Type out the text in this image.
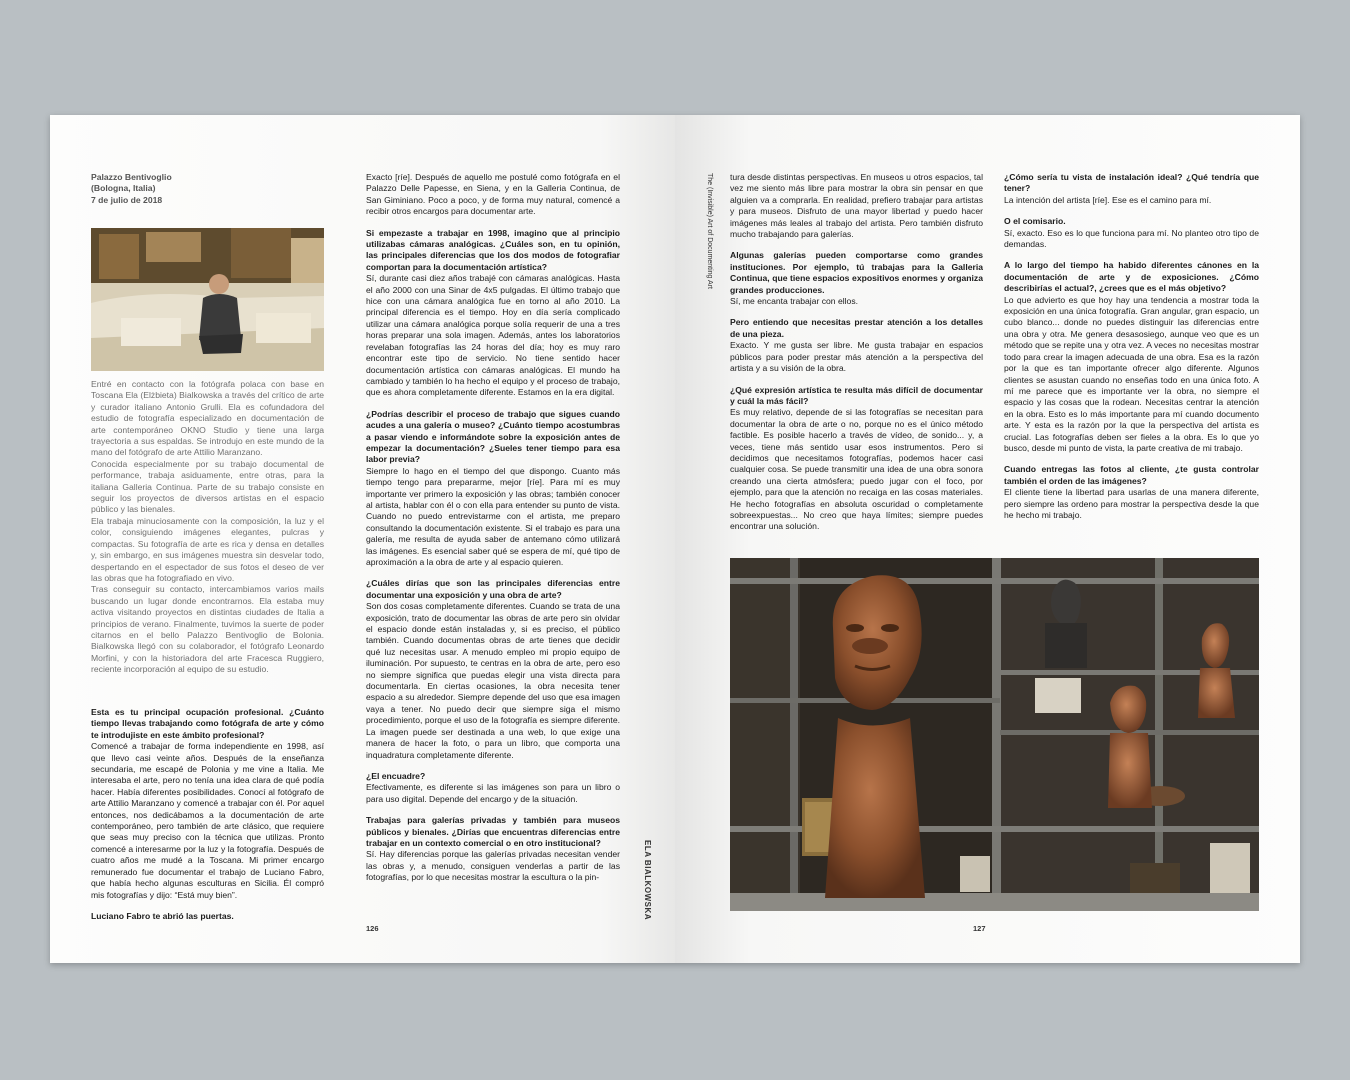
Palazzo Bentivoglio
(Bologna, Italia)
7 de julio de 2018

Entré en contacto con la fotógrafa polaca con base en Toscana Ela (Elżbieta) Bialkowska a través del crítico de arte y curador italiano Antonio Grulli. Ela es cofundadora del estudio de fotografía especializado en documentación de arte contemporáneo OKNO Studio y tiene una larga trayectoria a sus espaldas. Se introdujo en este mundo de la mano del fotógrafo de arte Attilio Maranzano.

Conocida especialmente por su trabajo documental de performance, trabaja asiduamente, entre otras, para la italiana Galleria Continua. Parte de su trabajo consiste en seguir los proyectos de diversos artistas en el espacio público y las bienales.

Ela trabaja minuciosamente con la composición, la luz y el color, consiguiendo imágenes elegantes, pulcras y compactas. Su fotografía de arte es rica y densa en detalles y, sin embargo, en sus imágenes muestra sin desvelar todo, despertando en el espectador de sus fotos el deseo de ver las obras que ha fotografiado en vivo.

Tras conseguir su contacto, intercambiamos varios mails buscando un lugar donde encontrarnos. Ela estaba muy activa visitando proyectos en distintas ciudades de Italia a principios de verano. Finalmente, tuvimos la suerte de poder citarnos en el bello Palazzo Bentivoglio de Bolonia. Bialkowska llegó con su colaborador, el fotógrafo Leonardo Morfini, y con la historiadora del arte Fracesca Ruggiero, reciente incorporación al equipo de su estudio.

Esta es tu principal ocupación profesional. ¿Cuánto tiempo llevas trabajando como fotógrafa de arte y cómo te introdujiste en este ámbito profesional?

Comencé a trabajar de forma independiente en 1998, así que llevo casi veinte años. Después de la enseñanza secundaria, me escapé de Polonia y me vine a Italia. Me interesaba el arte, pero no tenía una idea clara de qué podía hacer. Había diferentes posibilidades. Conocí al fotógrafo de arte Attilio Maranzano y comencé a trabajar con él. Por aquel entonces, nos dedicábamos a la documentación de arte contemporáneo, pero también de arte clásico, que requiere que seas muy preciso con la técnica que utilizas. Pronto comencé a interesarme por la luz y la fotografía. Después de cuatro años me mudé a la Toscana. Mi primer encargo remunerado fue documentar el trabajo de Luciano Fabro, que había hecho algunas esculturas en Sicilia. Él compró mis fotografías y dijo: “Está muy bien”.

Luciano Fabro te abrió las puertas.

Exacto [ríe]. Después de aquello me postulé como fotógrafa en el Palazzo Delle Papesse, en Siena, y en la Galleria Continua, de San Giminiano. Poco a poco, y de forma muy natural, comencé a recibir otros encargos para documentar arte.

Si empezaste a trabajar en 1998, imagino que al principio utilizabas cámaras analógicas. ¿Cuáles son, en tu opinión, las principales diferencias que los dos modos de fotografiar comportan para la documentación artística?

Sí, durante casi diez años trabajé con cámaras analógicas. Hasta el año 2000 con una Sinar de 4x5 pulgadas. El último trabajo que hice con una cámara analógica fue en torno al año 2010. La principal diferencia es el tiempo. Hoy en día sería complicado utilizar una cámara analógica porque solía requerir de una a tres horas preparar una sola imagen. Además, antes los laboratorios revelaban fotografías las 24 horas del día; hoy es muy raro encontrar este tipo de servicio. No tiene sentido hacer documentación artística con cámaras analógicas. El mundo ha cambiado y también lo ha hecho el equipo y el proceso de trabajo, que es ahora completamente diferente. Estamos en la era digital.

¿Podrías describir el proceso de trabajo que sigues cuando acudes a una galería o museo? ¿Cuánto tiempo acostumbras a pasar viendo e informándote sobre la exposición antes de empezar la documentación? ¿Sueles tener tiempo para esa labor previa?

Siempre lo hago en el tiempo del que dispongo. Cuanto más tiempo tengo para prepararme, mejor [ríe]. Para mí es muy importante ver primero la exposición y las obras; también conocer al artista, hablar con él o con ella para entender su punto de vista. Cuando no puedo entrevistarme con el artista, me preparo consultando la documentación existente. Si el trabajo es para una galería, me resulta de ayuda saber de antemano cómo utilizará las imágenes. Es esencial saber qué se espera de mí, qué tipo de aproximación a la obra de arte y al espacio quieren.

¿Cuáles dirías que son las principales diferencias entre documentar una exposición y una obra de arte?

Son dos cosas completamente diferentes. Cuando se trata de una exposición, trato de documentar las obras de arte pero sin olvidar el espacio donde están instaladas y, si es preciso, el público también. Cuando documentas obras de arte tienes que decidir qué luz necesitas usar. A menudo empleo mi propio equipo de iluminación. Por supuesto, te centras en la obra de arte, pero eso no siempre significa que puedas elegir una vista directa para documentarla. En ciertas ocasiones, la obra necesita tener espacio a su alrededor. Siempre depende del uso que esa imagen vaya a tener. No puedo decir que siempre siga el mismo procedimiento, porque el uso de la fotografía es siempre diferente. La imagen puede ser destinada a una web, lo que exige una manera de hacer la foto, o para un libro, que comporta una inquadratura completamente diferente.

¿El encuadre?

Efectivamente, es diferente si las imágenes son para un libro o para uso digital. Depende del encargo y de la situación.

Trabajas para galerías privadas y también para museos públicos y bienales. ¿Dirías que encuentras diferencias entre trabajar en un contexto comercial o en otro institucional?

Sí. Hay diferencias porque las galerías privadas necesitan vender las obras y, a menudo, consiguen venderlas a partir de las fotografías, por lo que necesitas mostrar la escultura o la pin-

126
ELA BIALKOWSKA
The (Invisible) Art of Documenting Art tura desde distintas perspectivas. En museos u otros espacios, tal vez me siento más libre para mostrar la obra sin pensar en que alguien va a comprarla. En realidad, prefiero trabajar para artistas y para museos. Disfruto de una mayor libertad y puedo hacer imágenes más leales al trabajo del artista. Pero también disfruto mucho trabajando para galerías.

Algunas galerías pueden comportarse como grandes instituciones. Por ejemplo, tú trabajas para la Galleria Continua, que tiene espacios expositivos enormes y organiza grandes producciones.

Sí, me encanta trabajar con ellos.

Pero entiendo que necesitas prestar atención a los detalles de una pieza.

Exacto. Y me gusta ser libre. Me gusta trabajar en espacios públicos para poder prestar más atención a la perspectiva del artista y a su visión de la obra.

¿Qué expresión artística te resulta más difícil de documentar y cuál la más fácil?

Es muy relativo, depende de si las fotografías se necesitan para documentar la obra de arte o no, porque no es el único método factible. Es posible hacerlo a través de vídeo, de sonido... y, a veces, tiene más sentido usar esos instrumentos. Pero si decidimos que necesitamos fotografías, podemos hacer casi cualquier cosa. Se puede transmitir una idea de una obra sonora creando una cierta atmósfera; puedo jugar con el foco, por ejemplo, para que la atención no recaiga en las cosas materiales. He hecho fotografías en absoluta oscuridad o completamente sobreexpuestas... No creo que haya límites; siempre puedes encontrar una solución.

¿Cómo sería tu vista de instalación ideal? ¿Qué tendría que tener?

La intención del artista [ríe]. Ese es el camino para mí.

O el comisario.

Sí, exacto. Eso es lo que funciona para mí. No planteo otro tipo de demandas.

A lo largo del tiempo ha habido diferentes cánones en la documentación de arte y de exposiciones. ¿Cómo describirías el actual?, ¿crees que es el más objetivo?

Lo que advierto es que hoy hay una tendencia a mostrar toda la exposición en una única fotografía. Gran angular, gran espacio, un cubo blanco... donde no puedes distinguir las diferencias entre una obra y otra. Me genera desasosiego, aunque veo que es un método que se repite una y otra vez. A veces no necesitas mostrar todo para crear la imagen adecuada de una obra. Esa es la razón por la que es tan importante ofrecer algo diferente. Algunos clientes se asustan cuando no enseñas todo en una única foto. A mí me parece que es importante ver la obra, no siempre el espacio y las cosas que la rodean. Necesitas centrar la atención en la obra. Esto es lo más importante para mí cuando documento arte. Y esta es la razón por la que la perspectiva del artista es crucial. Las fotografías deben ser fieles a la obra. Es lo que yo busco, desde mi punto de vista, la parte creativa de mi trabajo.

Cuando entregas las fotos al cliente, ¿te gusta controlar también el orden de las imágenes?

El cliente tiene la libertad para usarlas de una manera diferente, pero siempre las ordeno para mostrar la perspectiva desde la que he hecho mi trabajo.

127
